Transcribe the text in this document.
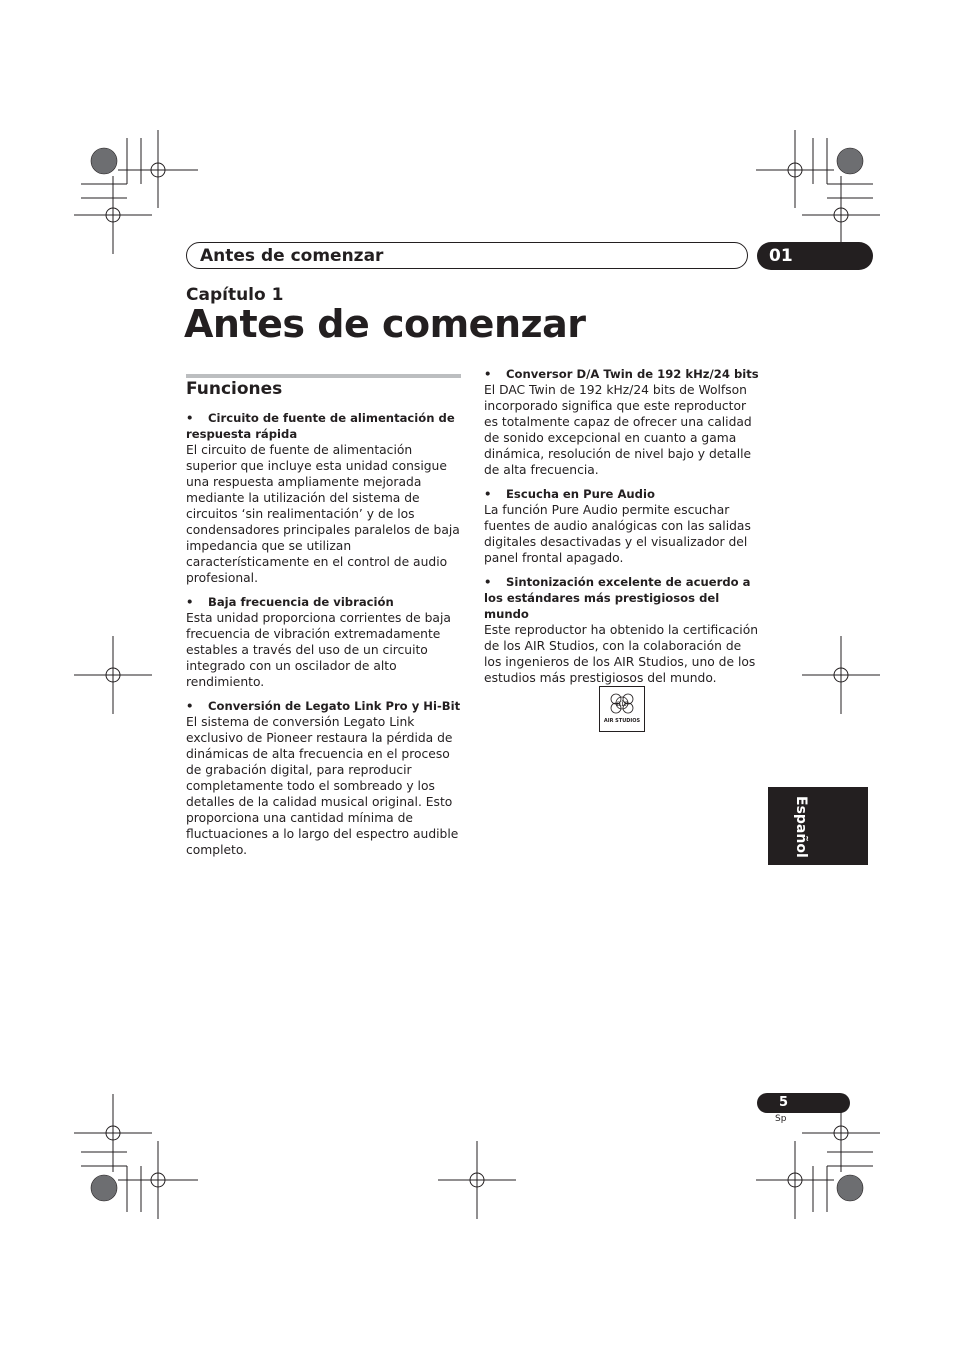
Antes de comenzar	01
Capítulo 1
Antes de comenzar
Funciones
• Circuito de fuente de alimentación de respuesta rápida
El circuito de fuente de alimentación superior que incluye esta unidad consigue una respuesta ampliamente mejorada mediante la utilización del sistema de circuitos ‘sin realimentación’ y de los condensadores principales paralelos de baja impedancia que se utilizan característicamente en el control de audio profesional.
• Baja frecuencia de vibración
Esta unidad proporciona corrientes de baja frecuencia de vibración extremadamente estables a través del uso de un circuito integrado con un oscilador de alto rendimiento.
• Conversión de Legato Link Pro y Hi-Bit
El sistema de conversión Legato Link exclusivo de Pioneer restaura la pérdida de dinámicas de alta frecuencia en el proceso de grabación digital, para reproducir completamente todo el sombreado y los detalles de la calidad musical original. Esto proporciona una cantidad mínima de fluctuaciones a lo largo del espectro audible completo.
• Conversor D/A Twin de 192 kHz/24 bits
El DAC Twin de 192 kHz/24 bits de Wolfson incorporado significa que este reproductor es totalmente capaz de ofrecer una calidad de sonido excepcional en cuanto a gama dinámica, resolución de nivel bajo y detalle de alta frecuencia.
• Escucha en Pure Audio
La función Pure Audio permite escuchar fuentes de audio analógicas con las salidas digitales desactivadas y el visualizador del panel frontal apagado.
• Sintonización excelente de acuerdo a los estándares más prestigiosos del mundo
Este reproductor ha obtenido la certificación de los AIR Studios, con la colaboración de los ingenieros de los AIR Studios, uno de los estudios más prestigiosos del mundo.
air
AIR STUDIOS
Español
5
Sp
